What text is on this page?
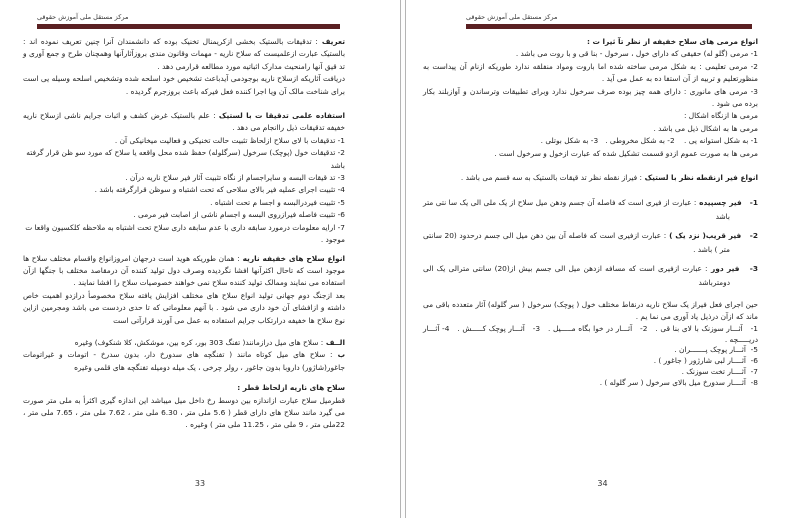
مرکز مستقل ملی آموزش حقوقی
تعریف : تدقیقات بالستیک بخشی ازکریمنال تخنیک بوده که دانشمندان آنرا چنین تعریف نموده اند : بالستیک عبارت ازعلمیست که سلاح ناریه - مهمات وقانون مندی بروزآثارآنها وهمچنان طرح و جمع آوری و تد قیق آنها رامنحیث مدارک اثباتیه مورد مطالعه قرارمی دهد .
دریافت آثاریکه ازسلاح ناریه بوجودمی آیدباعث تشخیص خود اسلحه شده وتشخیص اسلحه وسیله یی است برای شناخت مالک آن ویا اجرا کننده فعل فیرکه باعث بروزجرم گردیده .
استفاده علمی تدقیقا ت با لستیک : علم بالستیک غرض کشف و اثبات جرایم ناشی ازسلاح ناریه خفیفه تدقیقات ذیل راانجام می دهد .
1- تدقیقات با لای سلاح ازلحاظ تثبیت حالت تخنیکی و فعالیت میخانیکی آن .
2- تدقیقات خول (پوچک) سرخول (سرگلوله) حفظ شده محل واقعه یا سلاح که مورد سو ظن قرار گرفته باشد
3- تد قیقات البسه و سایراجسام از نگاه تثبیت آثار فیر سلاح ناریه درآن .
4- تثبیت اجرای عملیه فیر بالای سلاحی که تحت اشتباه و سوظن قرارگرفته باشد .
5- تثبیت فیردرالبسه و اجسا م تحت اشتباه .
6- تثبیت فاصله فیرازروی البسه و اجسام ناشی از اصابت فیر مرمی .
7- ارایه معلومات درمورد سابقه داری با عدم سابقه داری سلاح تحت اشتباه به ملاحظه کلکسیون واقعا ت موجود .
انواع سلاح های خفیفه ناریه : همان طوریکه هوید است درجهان امروزانواع واقسام مختلف سلاح ها موجود است که تاحال اکثرآنها افشا نگردیده وصرف دول تولید کننده آن درمقاصد مختلف با جنگها ازآن استفاده می نمایند وممالک تولید کننده سلاح نمی خواهند خصوصیات سلاح را افشا نمایند .
بعد ازجنگ دوم جهانی تولید انواع سلاح های مختلف افزایش یافته سلاح مخصوصأ درازدو اهمیت خاص داشته و ازافشای آن خود داری می شود . با آنهم معلوماتی که تا حدی دردست می باشد ومجرمین ازاین نوع سلاح ها خفیفه درارتکاب جرایم استفاده به عمل می آورند قرارآتی است
الــف : سلاح های میل درازمانند( تفنگ 303 بور، کره بین، موشکش، کلا شنکوف) وغیره
ب : سلاح های میل کوتاه مانند ( تفنگچه های سدورخ دار، بدون سدرخ - اتومات و غیراتومات جاغور(شاژور) داروبا بدون جاغور ، رولر چرخی ، یک میله دومیله تفنگچه های قلمی وغیره
سلاح های ناریه ازلحاظ قطر :
قطرمیل سلاح عبارت ازاندازه بین دوسط رخ داخل میل میباشد این اندازه گیری اکثرأ به ملی متر صورت می گیرد مانند سلاح های دارای قطر ( 5.6 ملی متر ، 6.30 ملی متر ، 7.62 ملی متر ، 7.65 ملی متر ، 22ملی متر ، 9 ملی متر ، 11.25 ملی متر ) وغیره .
33
مرکز مستقل ملی آموزش حقوقی
انواع مرمی های سلاح خفیفه از نظر تآ ثیرا ت :
1- مرمی (گلو له) حقیقی که دارای خول ، سرخول - بنا قی و با روت می باشد .
2- مرمی تعلیمی : به شکل مرمی ساخته شده اما باروت ومواد منفلقه ندارد طوریکه ازنام آن پیداست به منظورتعلیم و تربیه از آن استفا ده به عمل می آید .
3- مرمی های مانوری : دارای همه چیز بوده صرف سرخول ندارد وبرای تطبیقات وترساندن و آوازبلند بکار برده می شود .
مرمی ها ازنگاه اشکال :
مرمی ها به اشکال ذیل می باشد .
1- به شکل استوانه یی .    2- به شکل مخروطی .   3- به شکل بوتلی .
مرمی ها به صورت عموم ازدو قسمت تشکیل شده که عبارت ازخول و سرخول است .
انواع فیر ازنقطه نظر با لستیک : فیراز نقطه نظر تد قیقات بالستیک به سه قسم می باشد .
1-   فیر چسپیده : عبارت از فیری است که فاصله آن جسم ودهن میل سلاح از یک ملی الی یک سا نتی متر باشد
2-   فیر قریب( نزد یک ) : عبارت ازفیری است که فاصله آن بین دهن میل الی جسم درحدود (20 سانتی متر ) باشد .
3-   فیر دور : عبارت ازفیری است که مسافه ازدهن میل الی جسم بیش از(20) سانتی مترالی یک الی دومترباشد
حین اجرای فعل فیراز یک سلاح ناریه درنقاط مختلف خول ( پوچک) سرخول ( سر گلوله) آثار متعدده باقی می ماند که ازآن درذیل یاد آوری می نما یم .
1-   آثـــار سوزنک با لای بنا قی .   2-   آثـــار در خوا بگاه مـــــیل .   3-   آثـــار پوچک کـــــش .   4- آثـــار دریـــــچه .
5-  آثـــار پوچک پـــــــران .
6-  آثــــار لبی شارژور ( جاغور ) .
7-  آثــــار تخت سوزنک .
8-  آثــــار سدورخ میل بالای سرخول ( سر گلوله ) .
34
